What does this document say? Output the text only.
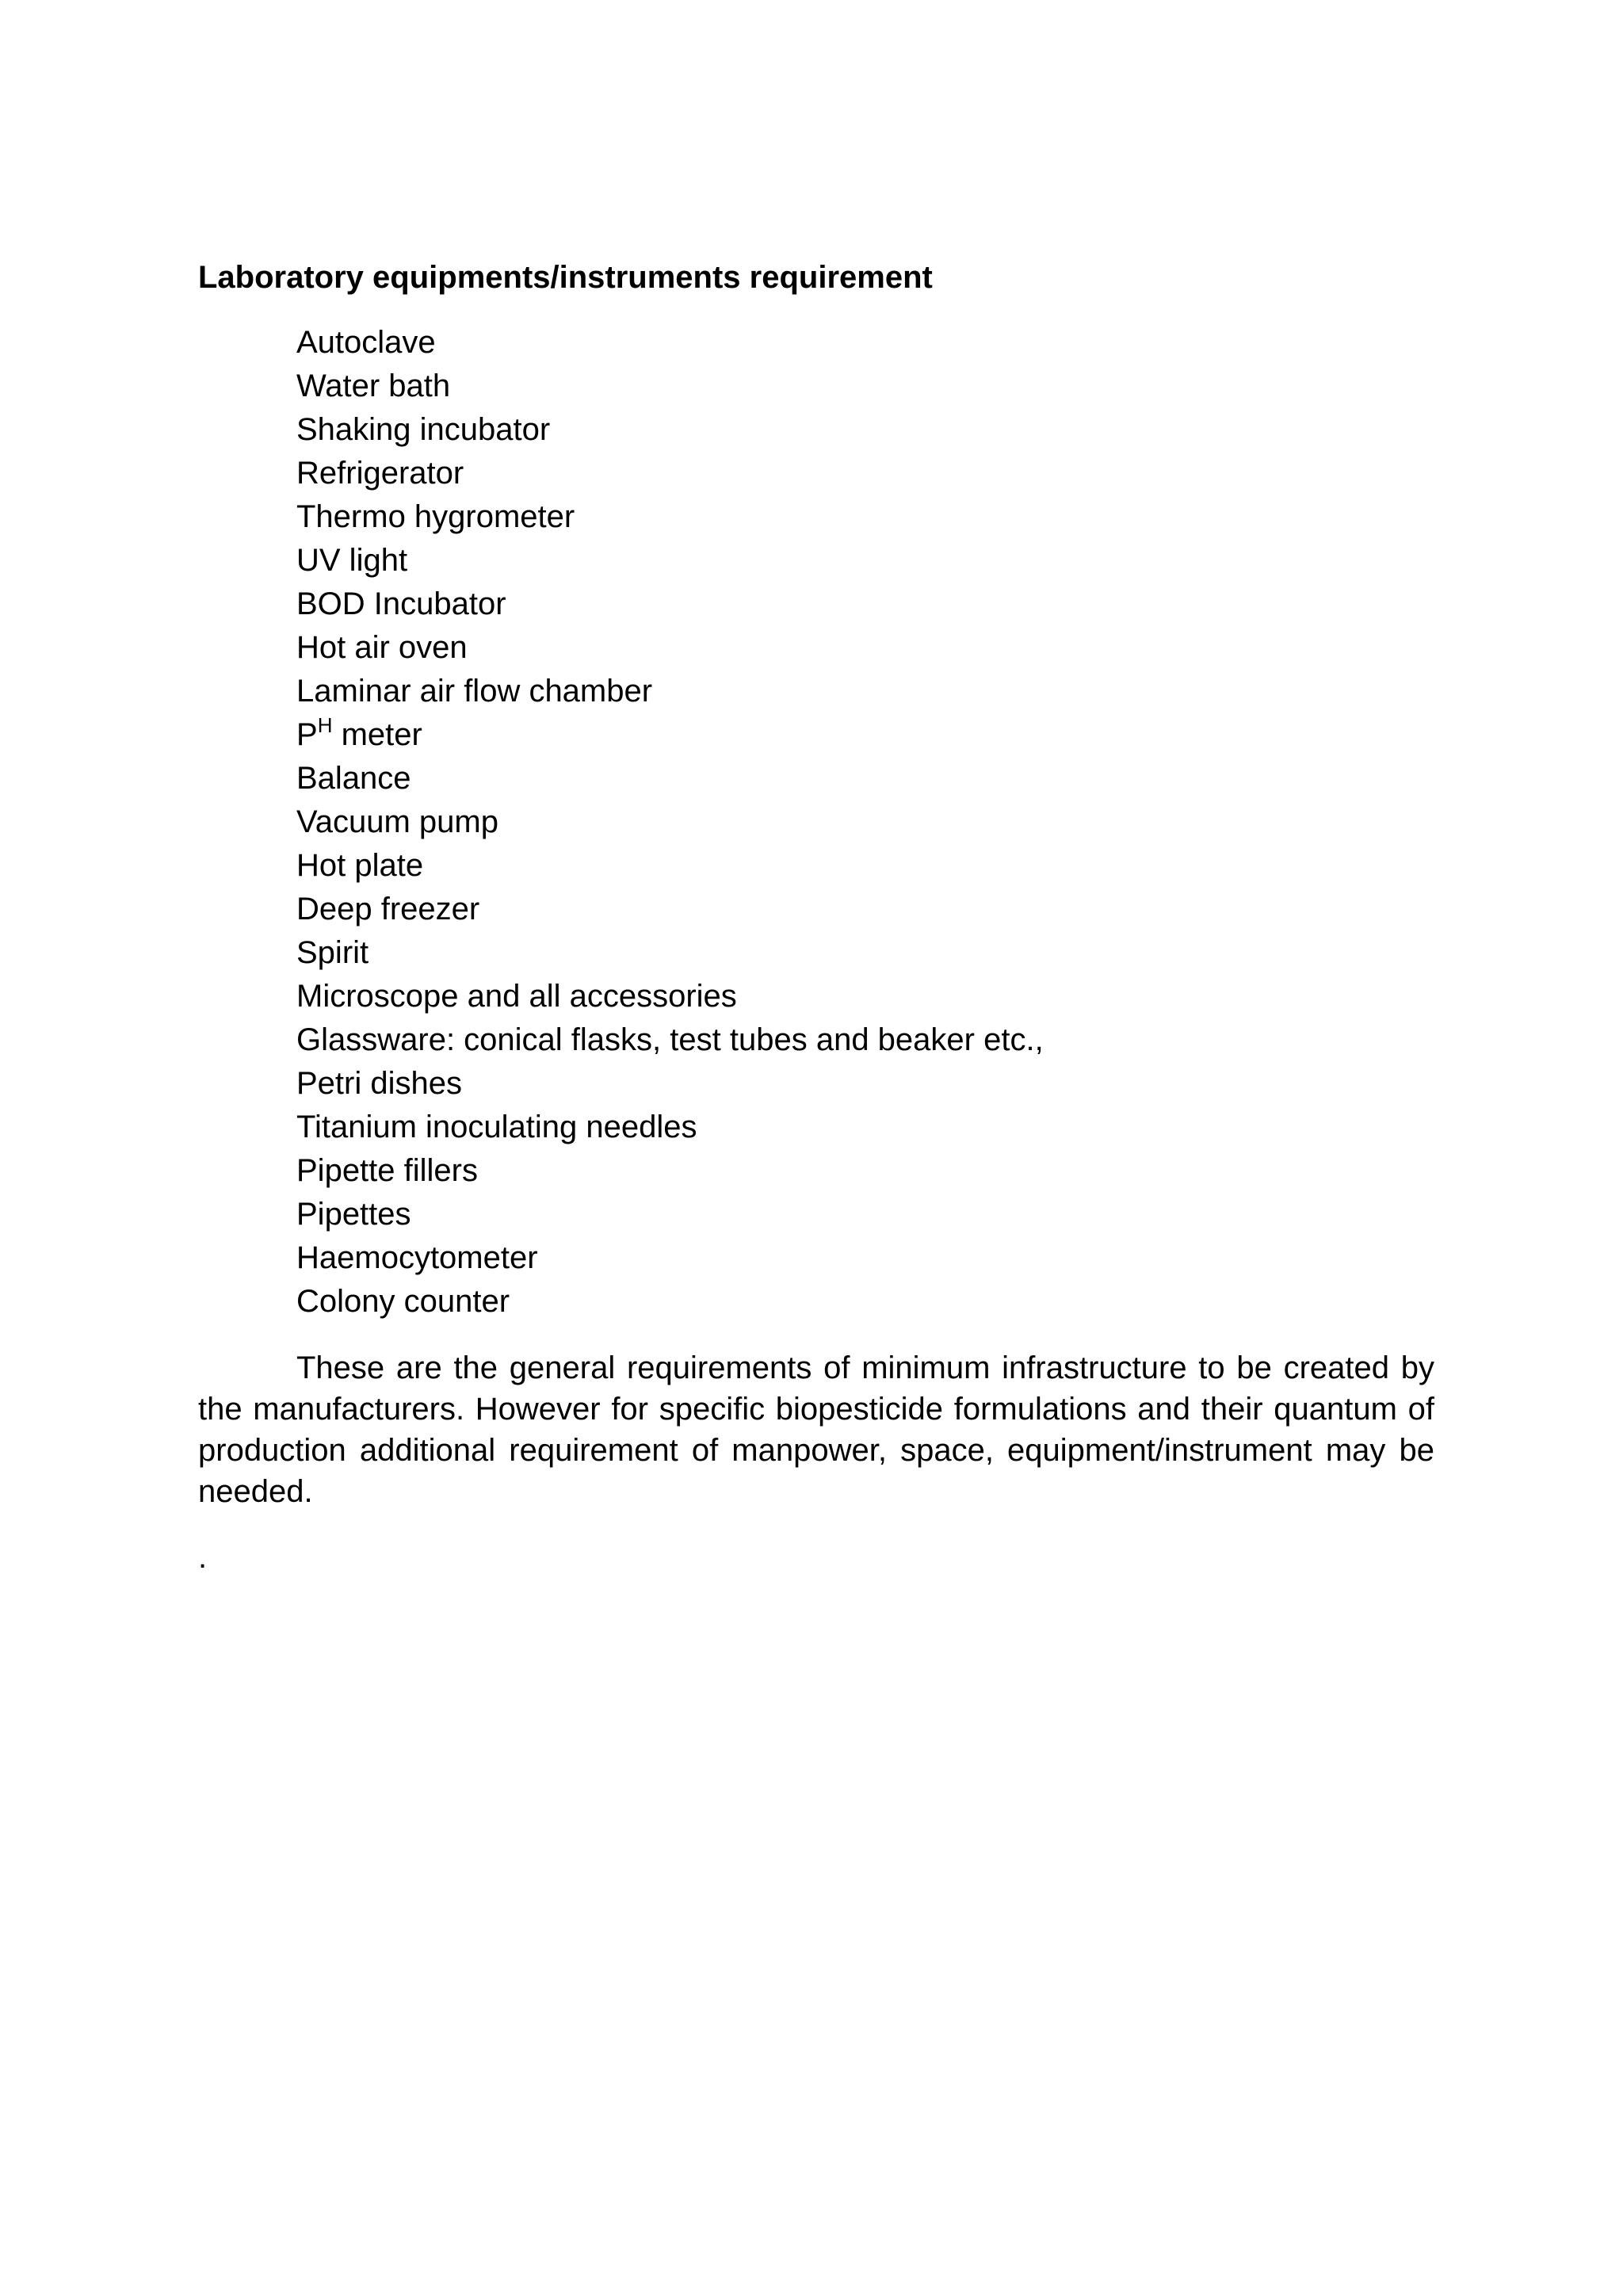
Laboratory equipments/instruments requirement
Autoclave
Water bath
Shaking incubator
Refrigerator
Thermo hygrometer
UV light
BOD Incubator
Hot air oven
Laminar air flow chamber
$P^H$ meter
Balance
Vacuum pump
Hot plate
Deep freezer
Spirit
Microscope and all accessories
Glassware: conical flasks, test tubes and beaker etc.,
Petri dishes
Titanium inoculating needles
Pipette fillers
Pipettes
Haemocytometer
Colony counter

These are the general requirements of minimum infrastructure to be created by the manufacturers. However for specific biopesticide formulations and their quantum of production additional requirement of manpower, space, equipment/instrument may be needed.

.
